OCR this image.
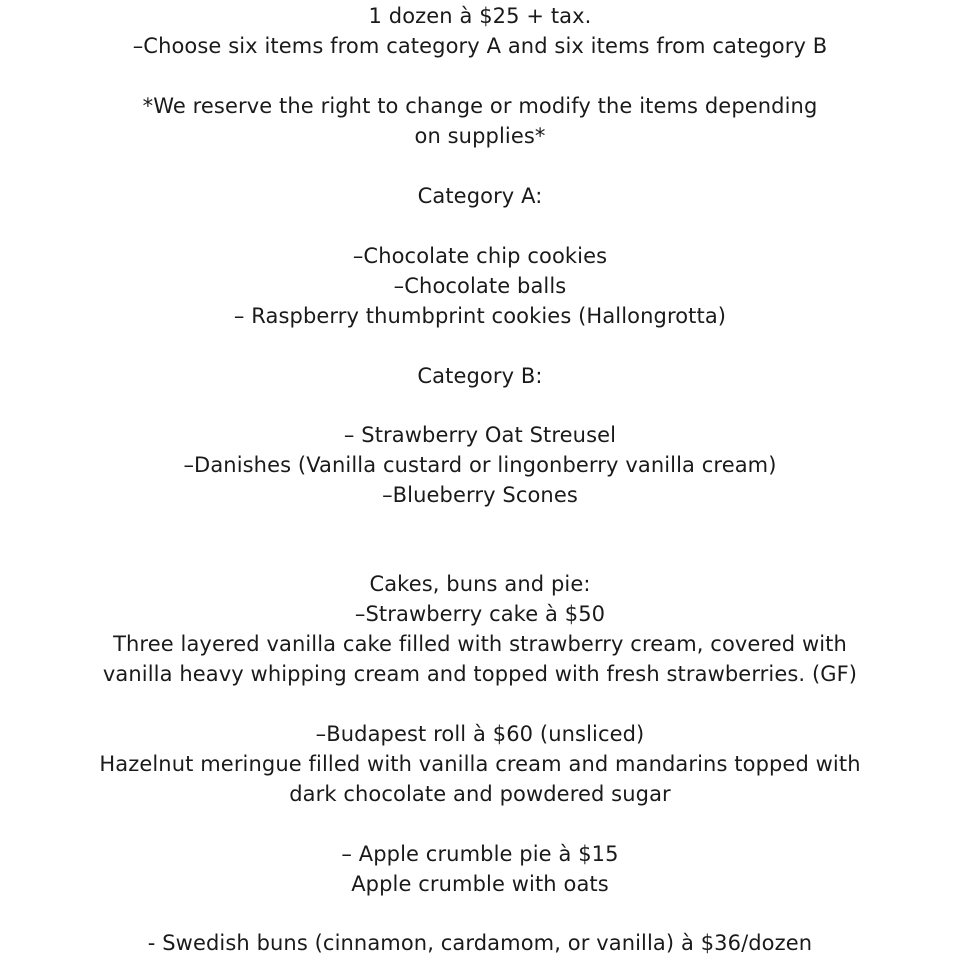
1 dozen à $25 + tax.
–Choose six items from category A and six items from category B
*We reserve the right to change or modify the items depending
on supplies*
Category A:
–Chocolate chip cookies
–Chocolate balls
– Raspberry thumbprint cookies (Hallongrotta)
Category B:
– Strawberry Oat Streusel
–Danishes (Vanilla custard or lingonberry vanilla cream)
–Blueberry Scones
Cakes, buns and pie:
–Strawberry cake à $50
Three layered vanilla cake filled with strawberry cream, covered with
vanilla heavy whipping cream and topped with fresh strawberries. (GF)
–Budapest roll à $60 (unsliced)
Hazelnut meringue filled with vanilla cream and mandarins topped with
dark chocolate and powdered sugar
– Apple crumble pie à $15
Apple crumble with oats
- Swedish buns (cinnamon, cardamom, or vanilla) à $36/dozen
